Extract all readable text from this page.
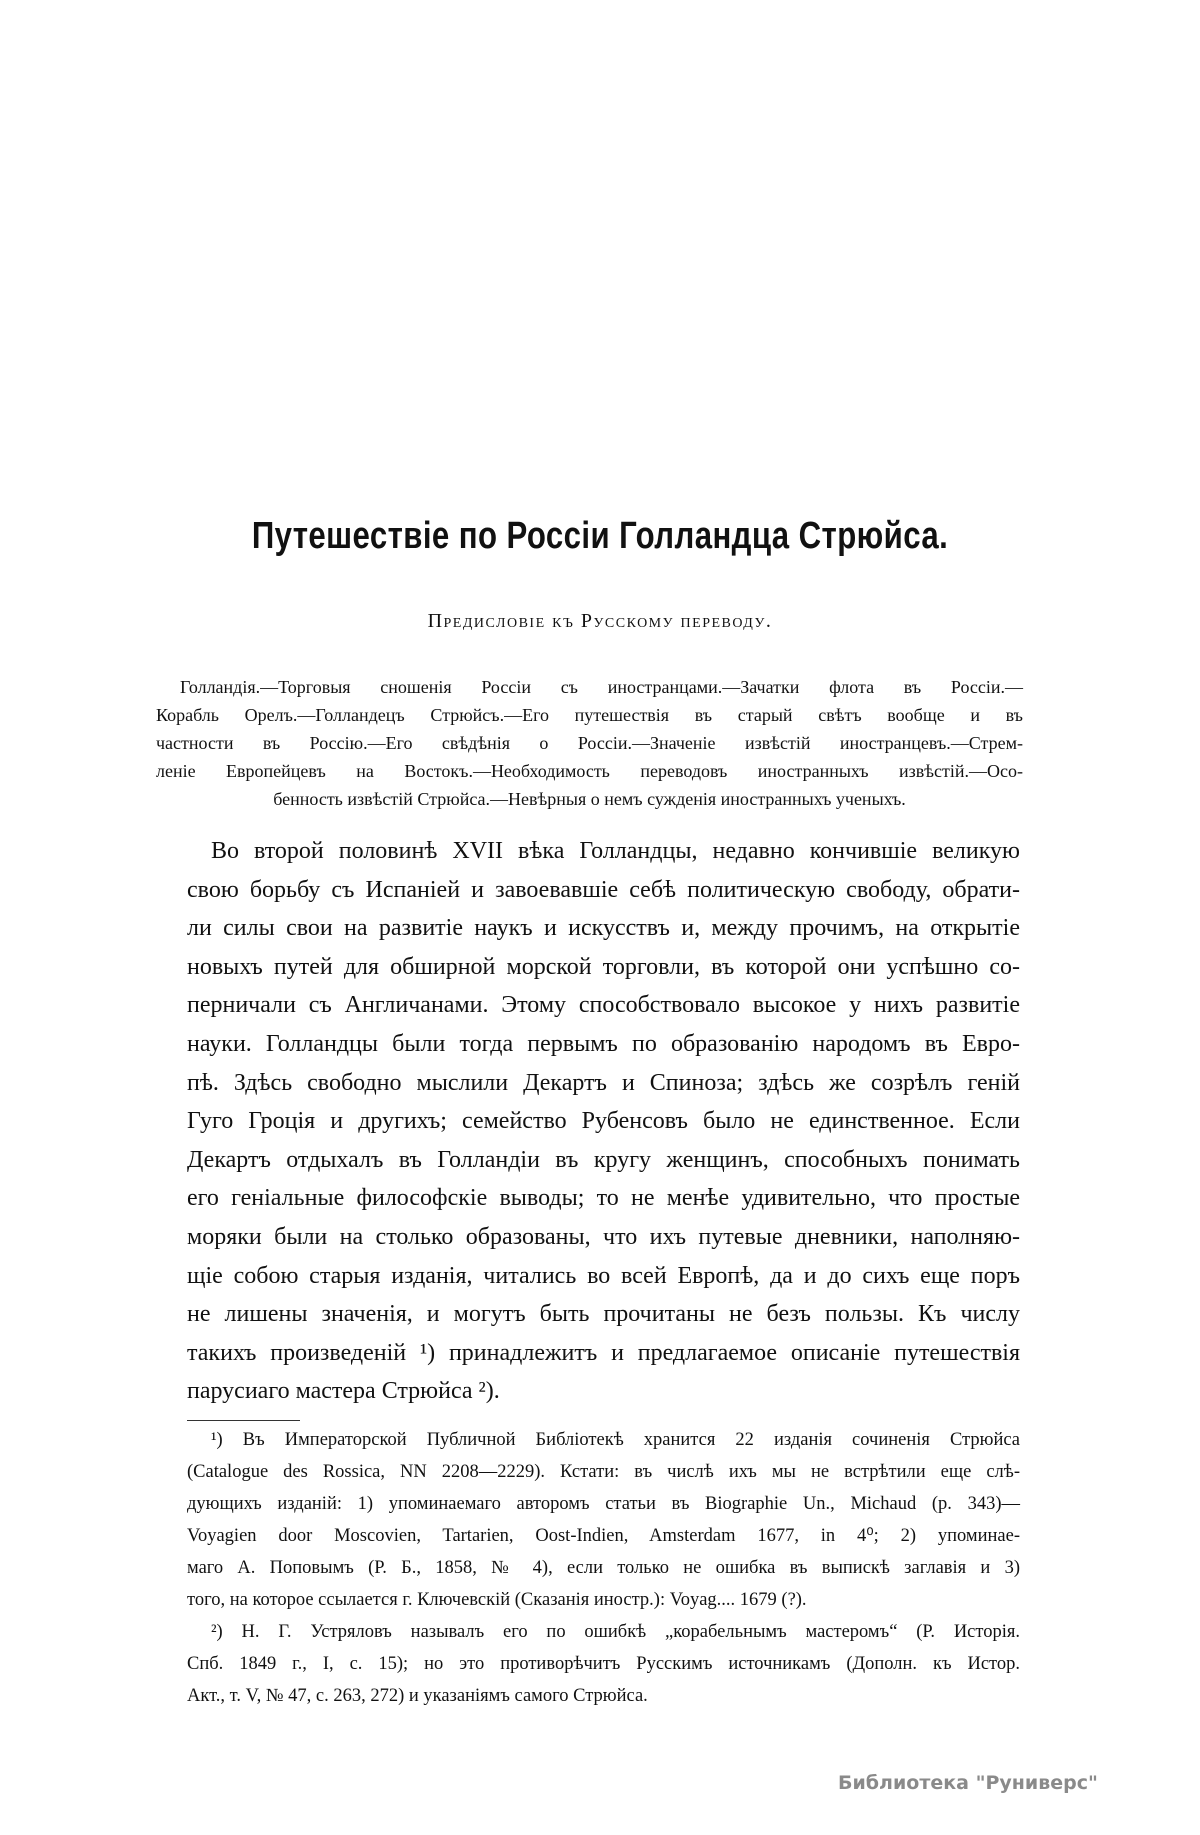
Путешествіе по Россіи Голландца Стрюйса.
Предисловіе къ Русскому переводу.
Голландія.—Торговыя сношенія Россіи съ иностранцами.—Зачатки флота въ Россіи.—
Корабль Орелъ.—Голландецъ Стрюйсъ.—Его путешествія въ старый свѣтъ вообще и въ
частности въ Россію.—Его свѣдѣнія о Россіи.—Значеніе извѣстій иностранцевъ.—Стрем-
леніе Европейцевъ на Востокъ.—Необходимость переводовъ иностранныхъ извѣстій.—Осо-
бенность извѣстій Стрюйса.—Невѣрныя о немъ сужденія иностранныхъ ученыхъ.
Во второй половинѣ XVII вѣка Голландцы, недавно кончившіе великую
свою борьбу съ Испаніей и завоевавшіе себѣ политическую свободу, обрати-
ли силы свои на развитіе наукъ и искусствъ и, между прочимъ, на открытіе
новыхъ путей для обширной морской торговли, въ которой они успѣшно со-
перничали съ Англичанами. Этому способствовало высокое у нихъ развитіе
науки. Голландцы были тогда первымъ по образованію народомъ въ Евро-
пѣ. Здѣсь свободно мыслили Декартъ и Спиноза; здѣсь же созрѣлъ геній
Гуго Гроція и другихъ; семейство Рубенсовъ было не единственное. Если
Декартъ отдыхалъ въ Голландіи въ кругу женщинъ, способныхъ понимать
его геніальные философскіе выводы; то не менѣе удивительно, что простые
моряки были на столько образованы, что ихъ путевые дневники, наполняю-
щіе собою старыя изданія, читались во всей Европѣ, да и до сихъ еще поръ
не лишены значенія, и могутъ быть прочитаны не безъ пользы. Къ числу
такихъ произведеній ¹) принадлежитъ и предлагаемое описаніе путешествія
парусиаго мастера Стрюйса ²).
¹) Въ Императорской Публичной Библіотекѣ хранится 22 изданія сочиненія Стрюйса
(Catalogue des Rossica, NN 2208—2229). Кстати: въ числѣ ихъ мы не встрѣтили еще слѣ-
дующихъ изданій: 1) упоминаемаго авторомъ статьи въ Biographie Un., Michaud (p. 343)—
Voyagien door Moscovien, Tartarien, Oost-Indien, Amsterdam 1677, in 4⁰; 2) упоминае-
маго А. Поповымъ (Р. Б., 1858, № 4), если только не ошибка въ выпискѣ заглавія и 3)
того, на которое ссылается г. Ключевскій (Сказанія иностр.): Voyag.... 1679 (?).
²) Н. Г. Устряловъ называлъ его по ошибкѣ „корабельнымъ мастеромъ“ (Р. Исторія.
Спб. 1849 г., I, с. 15); но это противорѣчитъ Русскимъ источникамъ (Дополн. къ Истор.
Акт., т. V, № 47, с. 263, 272) и указаніямъ самого Стрюйса.
Библиотека "Руниверс"
